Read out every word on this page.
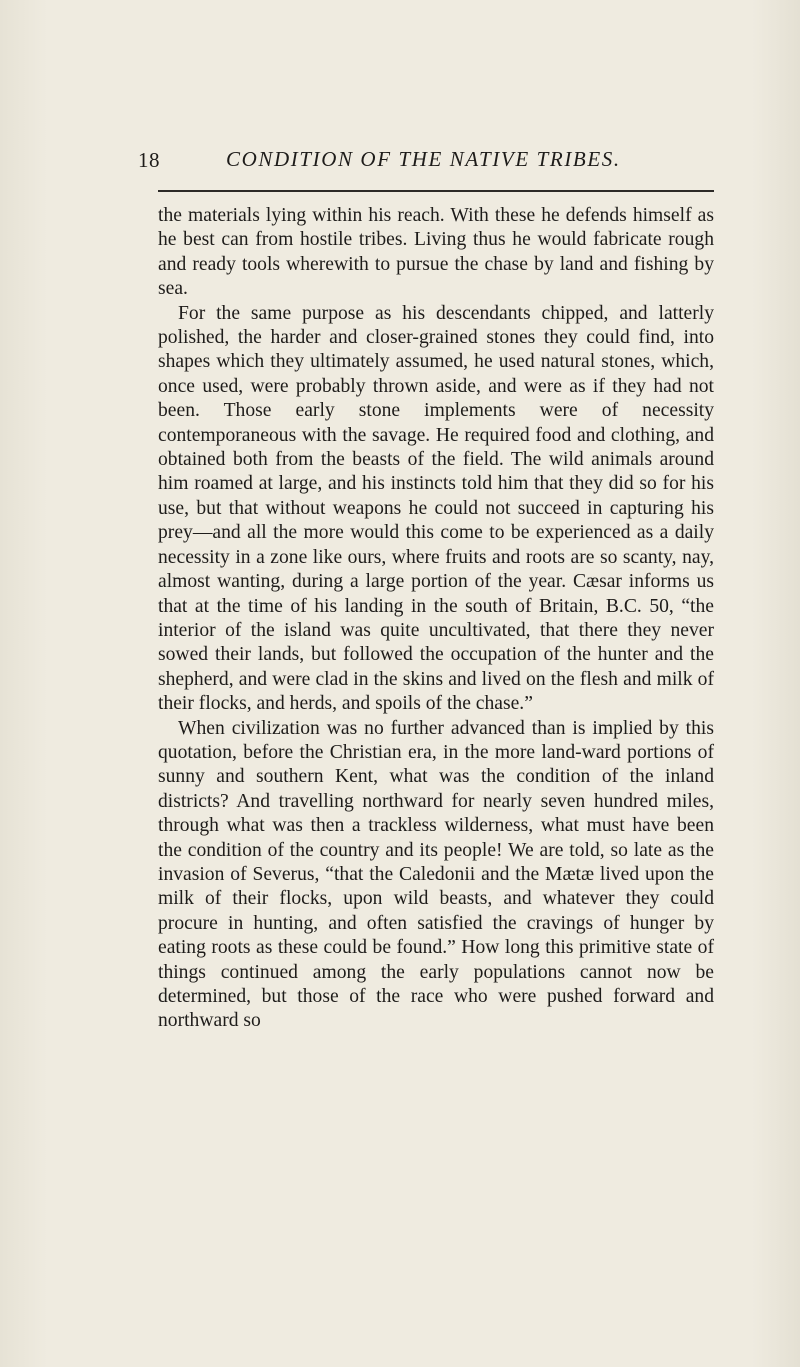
18	CONDITION OF THE NATIVE TRIBES.

the materials lying within his reach. With these he defends himself as he best can from hostile tribes. Living thus he would fabricate rough and ready tools wherewith to pursue the chase by land and fishing by sea.

For the same purpose as his descendants chipped, and latterly polished, the harder and closer-grained stones they could find, into shapes which they ultimately assumed, he used natural stones, which, once used, were probably thrown aside, and were as if they had not been. Those early stone implements were of necessity contemporaneous with the savage. He required food and clothing, and obtained both from the beasts of the field. The wild animals around him roamed at large, and his instincts told him that they did so for his use, but that without weapons he could not succeed in capturing his prey—and all the more would this come to be experienced as a daily necessity in a zone like ours, where fruits and roots are so scanty, nay, almost wanting, during a large portion of the year. Cæsar informs us that at the time of his landing in the south of Britain, B.C. 50, “the interior of the island was quite uncultivated, that there they never sowed their lands, but followed the occupation of the hunter and the shepherd, and were clad in the skins and lived on the flesh and milk of their flocks, and herds, and spoils of the chase.”

When civilization was no further advanced than is implied by this quotation, before the Christian era, in the more land-ward portions of sunny and southern Kent, what was the condition of the inland districts? And travelling northward for nearly seven hundred miles, through what was then a trackless wilderness, what must have been the condition of the country and its people! We are told, so late as the invasion of Severus, “that the Caledonii and the Mætæ lived upon the milk of their flocks, upon wild beasts, and whatever they could procure in hunting, and often satisfied the cravings of hunger by eating roots as these could be found.” How long this primitive state of things continued among the early populations cannot now be determined, but those of the race who were pushed forward and northward so
